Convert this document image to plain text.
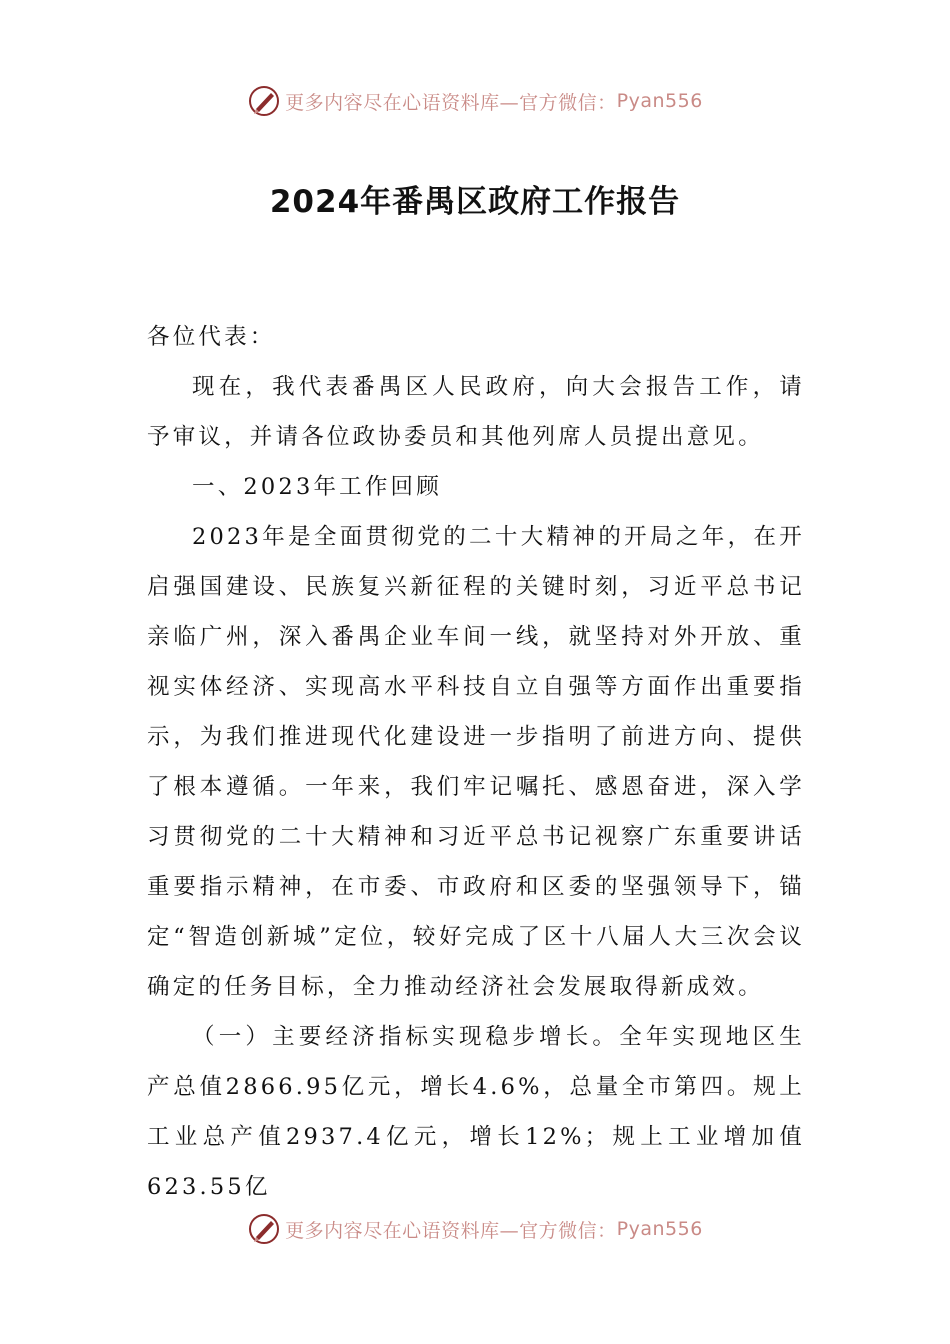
更多内容尽在心语资料库—官方微信： Pyan556
2024年番禺区政府工作报告

各位代表：

现在，我代表番禺区人民政府，向大会报告工作，请予审议，并请各位政协委员和其他列席人员提出意见。

一、2023年工作回顾

2023年是全面贯彻党的二十大精神的开局之年，在开启强国建设、民族复兴新征程的关键时刻，习近平总书记亲临广州，深入番禺企业车间一线，就坚持对外开放、重视实体经济、实现高水平科技自立自强等方面作出重要指示，为我们推进现代化建设进一步指明了前进方向、提供了根本遵循。一年来，我们牢记嘱托、感恩奋进，深入学习贯彻党的二十大精神和习近平总书记视察广东重要讲话重要指示精神，在市委、市政府和区委的坚强领导下，锚定“智造创新城”定位，较好完成了区十八届人大三次会议确定的任务目标，全力推动经济社会发展取得新成效。

（一）主要经济指标实现稳步增长。全年实现地区生产总值2866.95亿元，增长4.6%，总量全市第四。规上工业总产值2937.4亿元，增长12%；规上工业增加值623.55亿

更多内容尽在心语资料库—官方微信： Pyan556
